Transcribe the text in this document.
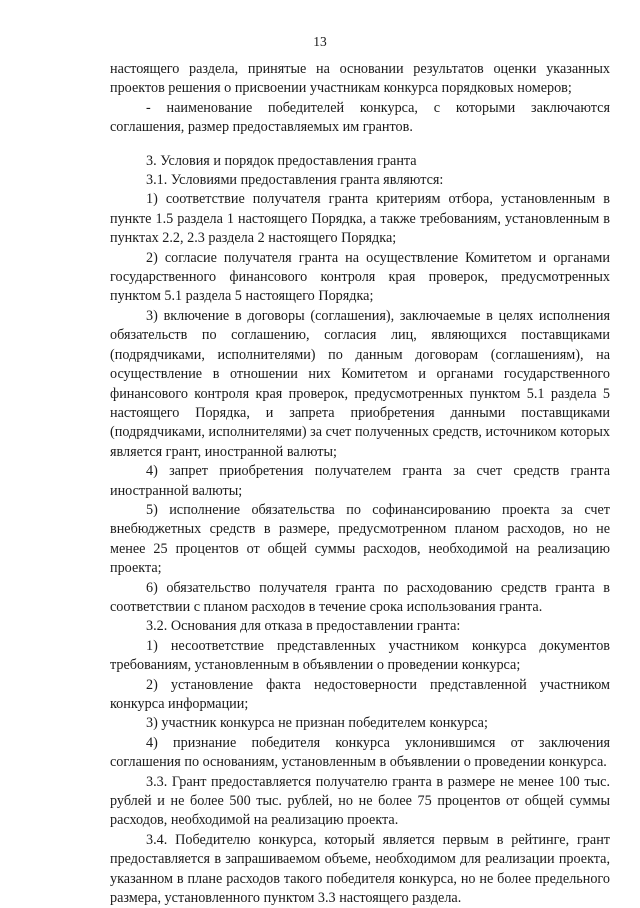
13

настоящего раздела, принятые на основании результатов оценки указанных проектов решения о присвоении участникам конкурса порядковых номеров;

- наименование победителей конкурса, с которыми заключаются соглашения, размер предоставляемых им грантов.

3. Условия и порядок предоставления гранта

3.1. Условиями предоставления гранта являются:

1) соответствие получателя гранта критериям отбора, установленным в пункте 1.5 раздела 1 настоящего Порядка, а также требованиям, установленным в пунктах 2.2, 2.3 раздела 2 настоящего Порядка;

2) согласие получателя гранта на осуществление Комитетом и органами государственного финансового контроля края проверок, предусмотренных пунктом 5.1 раздела 5 настоящего Порядка;

3) включение в договоры (соглашения), заключаемые в целях исполнения обязательств по соглашению, согласия лиц, являющихся поставщиками (подрядчиками, исполнителями) по данным договорам (соглашениям), на осуществление в отношении них Комитетом и органами государственного финансового контроля края проверок, предусмотренных пунктом 5.1 раздела 5 настоящего Порядка, и запрета приобретения данными поставщиками (подрядчиками, исполнителями) за счет полученных средств, источником которых является грант, иностранной валюты;

4) запрет приобретения получателем гранта за счет средств гранта иностранной валюты;

5) исполнение обязательства по софинансированию проекта за счет внебюджетных средств в размере, предусмотренном планом расходов, но не менее 25 процентов от общей суммы расходов, необходимой на реализацию проекта;

6) обязательство получателя гранта по расходованию средств гранта в соответствии с планом расходов в течение срока использования гранта.

3.2. Основания для отказа в предоставлении гранта:

1) несоответствие представленных участником конкурса документов требованиям, установленным в объявлении о проведении конкурса;

2) установление факта недостоверности представленной участником конкурса информации;

3) участник конкурса не признан победителем конкурса;

4) признание победителя конкурса уклонившимся от заключения соглашения по основаниям, установленным в объявлении о проведении конкурса.

3.3. Грант предоставляется получателю гранта в размере не менее 100 тыс. рублей и не более 500 тыс. рублей, но не более 75 процентов от общей суммы расходов, необходимой на реализацию проекта.

3.4. Победителю конкурса, который является первым в рейтинге, грант предоставляется в запрашиваемом объеме, необходимом для реализации проекта, указанном в плане расходов такого победителя конкурса, но не более предельного размера, установленного пунктом 3.3 настоящего раздела.
